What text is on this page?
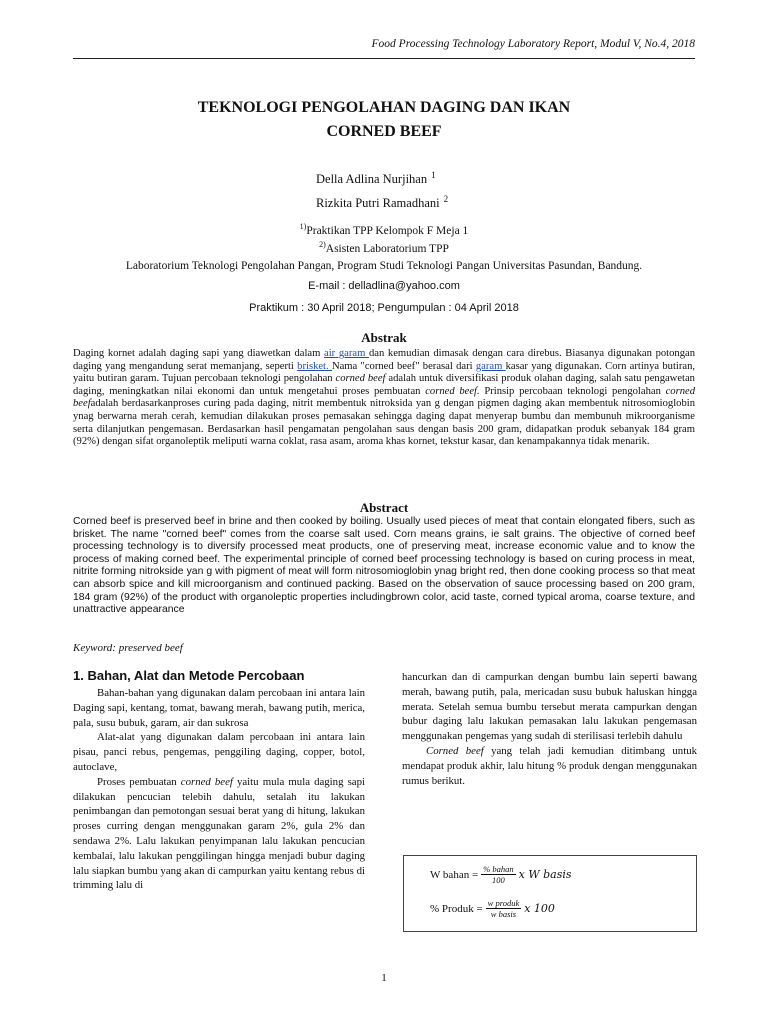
Food Processing Technology Laboratory Report, Modul V, No.4, 2018
TEKNOLOGI PENGOLAHAN DAGING DAN IKAN
CORNED BEEF
Della Adlina Nurjihan $^1$
Rizkita Putri Ramadhani $^2$
$^{1)}$Praktikan TPP Kelompok F Meja 1
$^{2)}$Asisten Laboratorium TPP
Laboratorium Teknologi Pengolahan Pangan, Program Studi Teknologi Pangan Universitas Pasundan, Bandung.
E-mail : delladlina@yahoo.com
Praktikum : 30 April 2018; Pengumpulan : 04 April 2018
Abstrak
Daging kornet adalah daging sapi yang diawetkan dalam air garam dan kemudian dimasak dengan cara direbus. Biasanya digunakan potongan daging yang mengandung serat memanjang, seperti brisket. Nama "corned beef" berasal dari garam kasar yang digunakan. Corn artinya butiran, yaitu butiran garam. Tujuan percobaan teknologi pengolahan corned beef adalah untuk diversifikasi produk olahan daging, salah satu pengawetan daging, meningkatkan nilai ekonomi dan untuk mengetahui proses pembuatan corned beef. Prinsip percobaan teknologi pengolahan corned beefadalah berdasarkanproses curing pada daging, nitrit membentuk nitroksida yan g dengan pigmen daging akan membentuk nitrosomioglobin ynag berwarna merah cerah, kemudian dilakukan proses pemasakan sehingga daging dapat menyerap bumbu dan membunuh mikroorganisme serta dilanjutkan pengemasan. Berdasarkan hasil pengamatan pengolahan saus dengan basis 200 gram, didapatkan produk sebanyak 184 gram (92%) dengan sifat organoleptik meliputi warna coklat, rasa asam, aroma khas kornet, tekstur kasar, dan kenampakannya tidak menarik.
Abstract
Corned beef is preserved beef in brine and then cooked by boiling. Usually used pieces of meat that contain elongated fibers, such as brisket. The name "corned beef" comes from the coarse salt used. Corn means grains, ie salt grains. The objective of corned beef processing technology is to diversify processed meat products, one of preserving meat, increase economic value and to know the process of making corned beef. The experimental principle of corned beef processing technology is based on curing process in meat, nitrite forming nitrokside yan g with pigment of meat will form nitrosomioglobin ynag bright red, then done cooking process so that meat can absorb spice and kill microorganism and continued packing. Based on the observation of sauce processing based on 200 gram, 184 gram (92%) of the product with organoleptic properties includingbrown color, acid taste, corned typical aroma, coarse texture, and unattractive appearance
Keyword: preserved beef
1. Bahan, Alat dan Metode Percobaan

Bahan-bahan yang digunakan dalam percobaan ini antara lain Daging sapi, kentang, tomat, bawang merah, bawang putih, merica, pala, susu bubuk, garam, air dan sukrosa

Alat-alat yang digunakan dalam percobaan ini antara lain pisau, panci rebus, pengemas, penggiling daging, copper, botol, autoclave,

Proses pembuatan corned beef yaitu mula mula daging sapi dilakukan pencucian telebih dahulu, setalah itu lakukan penimbangan dan pemotongan sesuai berat yang di hitung, lakukan proses curring dengan menggunakan garam 2%, gula 2% dan sendawa 2%. Lalu lakukan penyimpanan lalu lakukan pencucian kembalai, lalu lakukan penggilingan hingga menjadi bubur daging lalu siapkan bumbu yang akan di campurkan yaitu kentang rebus di trimming lalu di

hancurkan dan di campurkan dengan bumbu lain seperti bawang merah, bawang putih, pala, mericadan susu bubuk haluskan hingga merata. Setelah semua bumbu tersebut merata campurkan dengan bubur daging lalu lakukan pemasakan lalu lakukan pengemasan menggunakan pengemas yang sudah di sterilisasi terlebih dahulu

Corned beef yang telah jadi kemudian ditimbang untuk mendapat produk akhir, lalu hitung % produk dengan menggunakan rumus berikut.

W bahan = $\frac{\text{\% bahan}}{100}$ x W basis
% Produk = $\frac{\text{w produk}}{\text{w basis}}$ x 100
1
